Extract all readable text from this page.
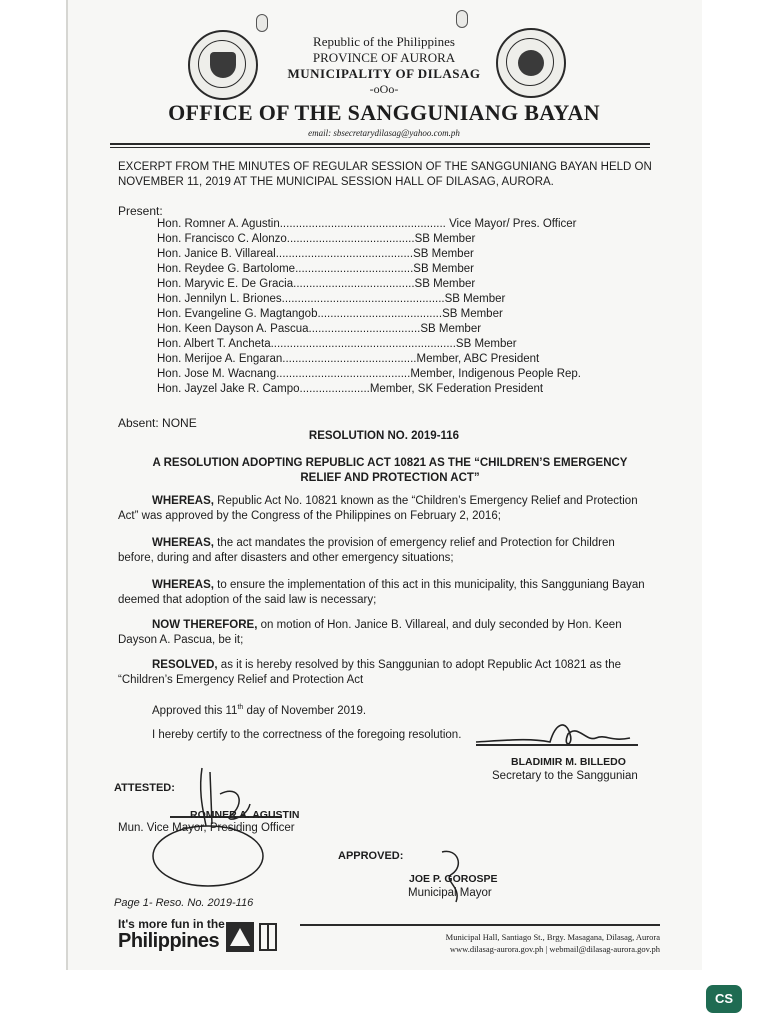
Republic of the Philippines
PROVINCE OF AURORA
MUNICIPALITY OF DILASAG
-oOo-
OFFICE OF THE SANGGUNIANG BAYAN
email: sbsecretarydilasag@yahoo.com.ph
EXCERPT FROM THE MINUTES OF REGULAR SESSION OF THE SANGGUNIANG BAYAN HELD ON NOVEMBER 11, 2019 AT THE MUNICIPAL SESSION HALL OF DILASAG, AURORA.
Present:
Hon. Romner A. Agustin.................................................... Vice Mayor/ Pres. Officer
Hon. Francisco C. Alonzo........................................SB Member
Hon. Janice B. Villareal...........................................SB Member
Hon. Reydee G. Bartolome.....................................SB Member
Hon. Maryvic E. De Gracia......................................SB Member
Hon. Jennilyn L. Briones...................................................SB Member
Hon. Evangeline G. Magtangob.......................................SB Member
Hon. Keen Dayson A. Pascua...................................SB Member
Hon. Albert T. Ancheta..........................................................SB Member
Hon. Merijoe A. Engaran..........................................Member, ABC President
Hon. Jose M. Wacnang..........................................Member, Indigenous People Rep.
Hon. Jayzel Jake R. Campo......................Member, SK Federation President
Absent: NONE
RESOLUTION NO. 2019-116
A RESOLUTION ADOPTING REPUBLIC ACT 10821 AS THE “CHILDREN’S EMERGENCY RELIEF AND PROTECTION ACT”
WHEREAS, Republic Act No. 10821 known as the “Children’s Emergency Relief and Protection Act” was approved by the Congress of the Philippines on February 2, 2016;
WHEREAS, the act mandates the provision of emergency relief and Protection for Children before, during and after disasters and other emergency situations;
WHEREAS, to ensure the implementation of this act in this municipality, this Sangguniang Bayan deemed that adoption of the said law is necessary;
NOW THEREFORE, on motion of Hon. Janice B. Villareal, and duly seconded by Hon. Keen Dayson A. Pascua, be it;
RESOLVED, as it is hereby resolved by this Sanggunian to adopt Republic Act 10821 as the “Children’s Emergency Relief and Protection Act
Approved this 11th day of November 2019.
I hereby certify to the correctness of the foregoing resolution.
BLADIMIR M. BILLEDO
Secretary to the Sanggunian
ATTESTED:
ROMNER A. AGUSTIN
Mun. Vice Mayor, Presiding Officer
APPROVED:
JOE P. GOROSPE
Municipal Mayor
Page 1- Reso. No. 2019-116
It's more fun in the
Philippines	Municipal Hall, Santiago St., Brgy. Masagana, Dilasag, Aurora
www.dilasag-aurora.gov.ph | webmail@dilasag-aurora.gov.ph
CS
